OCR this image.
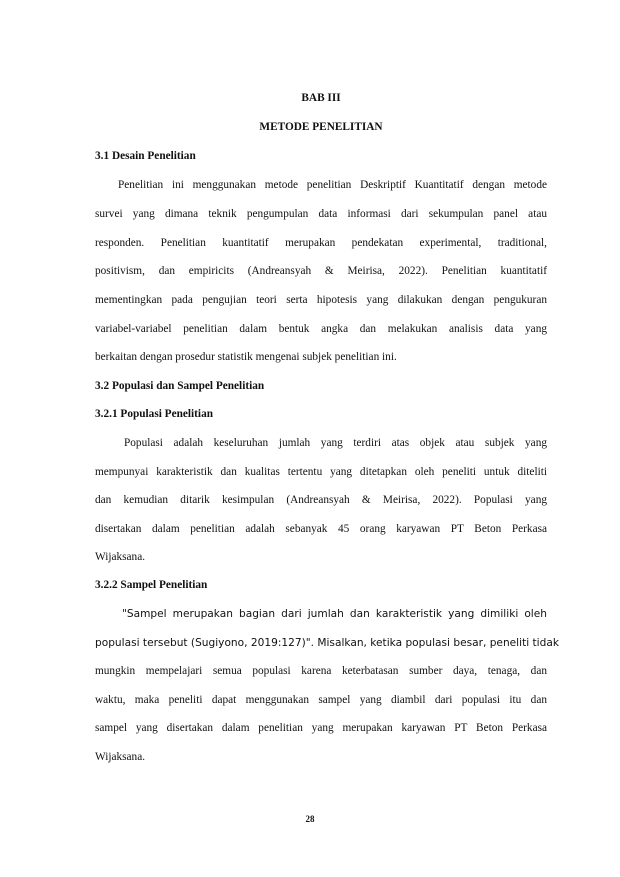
BAB III
METODE PENELITIAN
3.1 Desain Penelitian
Penelitian ini menggunakan metode penelitian Deskriptif Kuantitatif dengan metode
survei yang dimana teknik pengumpulan data informasi dari sekumpulan panel atau
responden. Penelitian kuantitatif merupakan pendekatan experimental, traditional,
positivism, dan empiricits (Andreansyah & Meirisa, 2022). Penelitian kuantitatif
mementingkan pada pengujian teori serta hipotesis yang dilakukan dengan pengukuran
variabel-variabel penelitian dalam bentuk angka dan melakukan analisis data yang
berkaitan dengan prosedur statistik mengenai subjek penelitian ini.
3.2 Populasi dan Sampel Penelitian
3.2.1 Populasi Penelitian
Populasi adalah keseluruhan jumlah yang terdiri atas objek atau subjek yang
mempunyai karakteristik dan kualitas tertentu yang ditetapkan oleh peneliti untuk diteliti
dan kemudian ditarik kesimpulan (Andreansyah & Meirisa, 2022). Populasi yang
disertakan dalam penelitian adalah sebanyak 45 orang karyawan PT Beton Perkasa
Wijaksana.
3.2.2 Sampel Penelitian
"Sampel merupakan bagian dari jumlah dan karakteristik yang dimiliki oleh
populasi tersebut (Sugiyono, 2019:127)". Misalkan, ketika populasi besar, peneliti tidak
mungkin mempelajari semua populasi karena keterbatasan sumber daya, tenaga, dan
waktu, maka peneliti dapat menggunakan sampel yang diambil dari populasi itu dan
sampel yang disertakan dalam penelitian yang merupakan karyawan PT Beton Perkasa
Wijaksana.
28
